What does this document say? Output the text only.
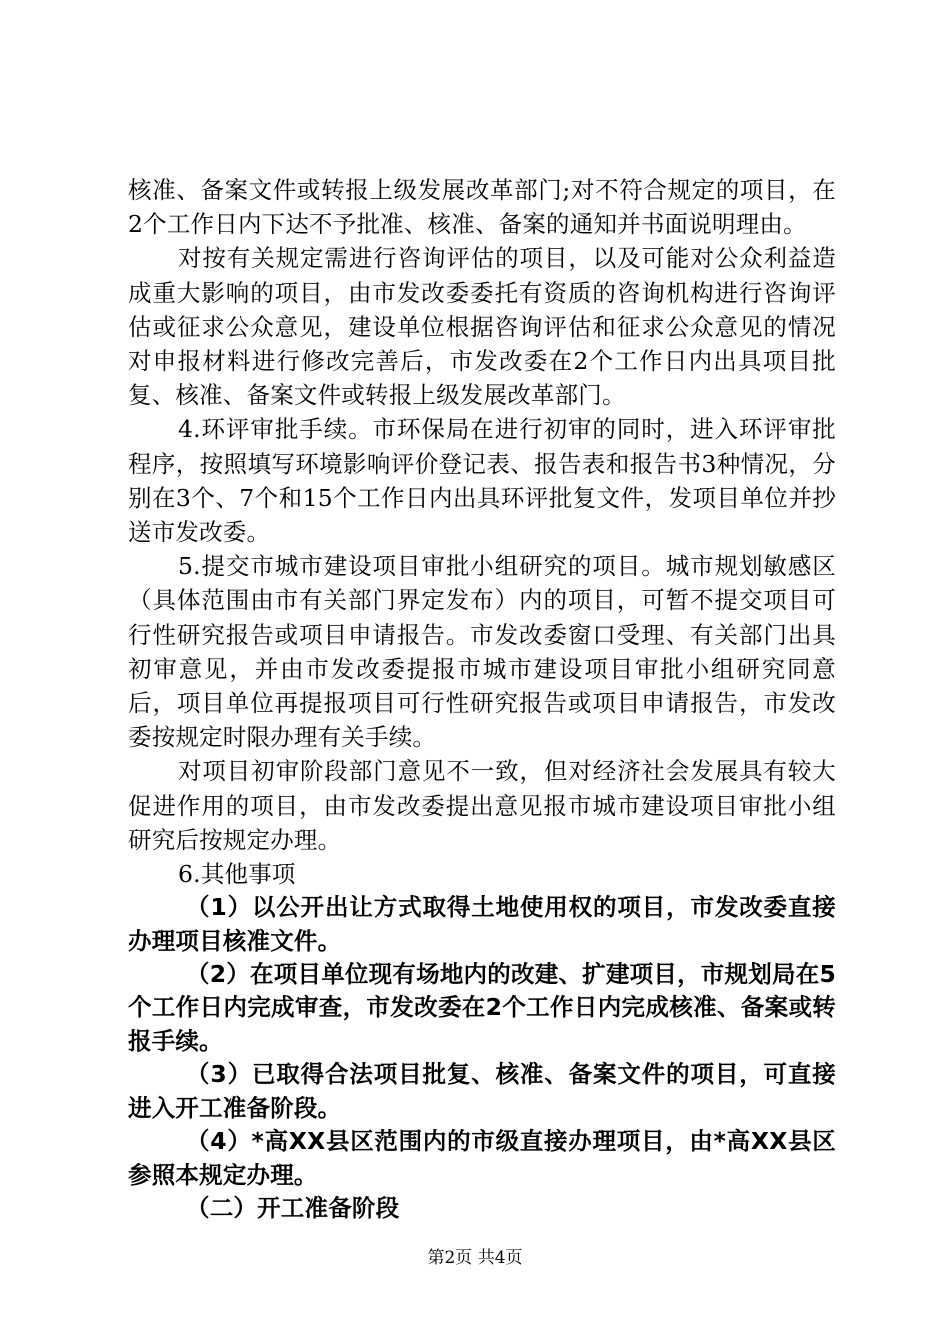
核准、备案文件或转报上级发展改革部门;对不符合规定的项目，在2个工作日内下达不予批准、核准、备案的通知并书面说明理由。

对按有关规定需进行咨询评估的项目，以及可能对公众利益造成重大影响的项目，由市发改委委托有资质的咨询机构进行咨询评估或征求公众意见，建设单位根据咨询评估和征求公众意见的情况对申报材料进行修改完善后，市发改委在2个工作日内出具项目批复、核准、备案文件或转报上级发展改革部门。

4.环评审批手续。市环保局在进行初审的同时，进入环评审批程序，按照填写环境影响评价登记表、报告表和报告书3种情况，分别在3个、7个和15个工作日内出具环评批复文件，发项目单位并抄送市发改委。

5.提交市城市建设项目审批小组研究的项目。城市规划敏感区（具体范围由市有关部门界定发布）内的项目，可暂不提交项目可行性研究报告或项目申请报告。市发改委窗口受理、有关部门出具初审意见，并由市发改委提报市城市建设项目审批小组研究同意后，项目单位再提报项目可行性研究报告或项目申请报告，市发改委按规定时限办理有关手续。

对项目初审阶段部门意见不一致，但对经济社会发展具有较大促进作用的项目，由市发改委提出意见报市城市建设项目审批小组研究后按规定办理。

6.其他事项

（1）以公开出让方式取得土地使用权的项目，市发改委直接办理项目核准文件。

（2）在项目单位现有场地内的改建、扩建项目，市规划局在5个工作日内完成审查，市发改委在2个工作日内完成核准、备案或转报手续。

（3）已取得合法项目批复、核准、备案文件的项目，可直接进入开工准备阶段。

（4）*高XX县区范围内的市级直接办理项目，由*高XX县区参照本规定办理。

（二）开工准备阶段

第2页 共4页
